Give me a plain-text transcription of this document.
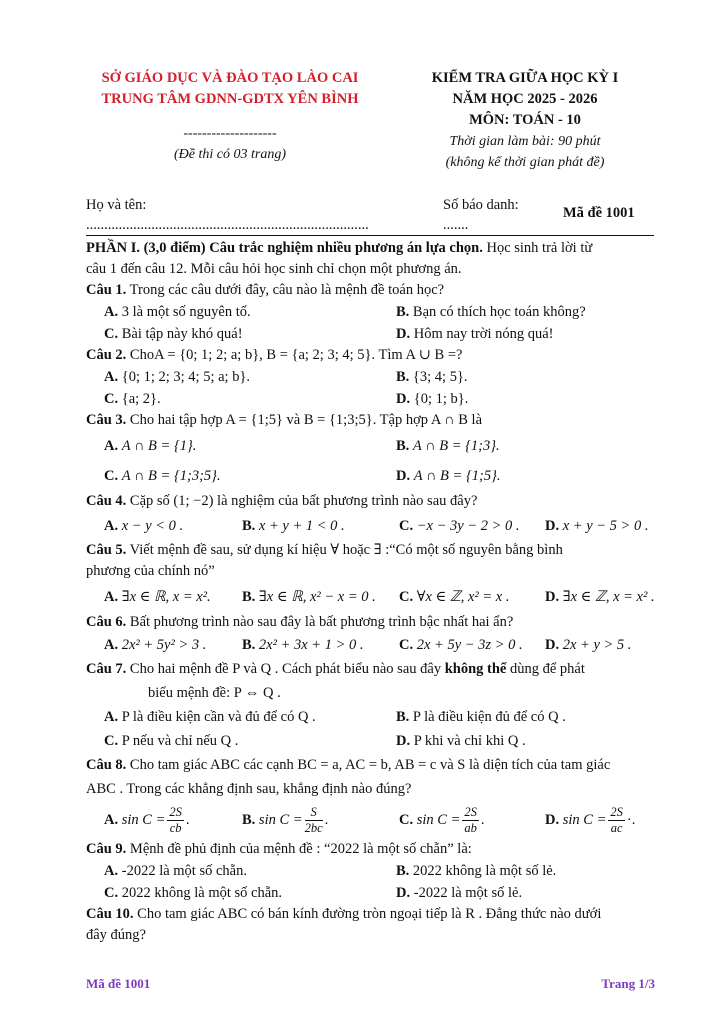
SỞ GIÁO DỤC VÀ ĐÀO TẠO LÀO CAI
TRUNG TÂM GDNN-GDTX YÊN BÌNH
--------------------
(Đề thi có 03 trang)
KIỂM TRA GIỮA HỌC KỲ I
NĂM HỌC 2025 - 2026
MÔN: TOÁN - 10
Thời gian làm bài: 90 phút
(không kể thời gian phát đề)
Họ và tên:
..............................................................................
Số báo danh:
.......
Mã đề 1001
PHẦN I. (3,0 điểm) Câu trắc nghiệm nhiều phương án lựa chọn. Học sinh trả lời từ
câu 1 đến câu 12. Mỗi câu hỏi học sinh chỉ chọn một phương án.
Câu 1. Trong các câu dưới đây, câu nào là mệnh đề toán học?
A. 3 là một số nguyên tố.	B. Bạn có thích học toán không?
C. Bài tập này khó quá!	D. Hôm nay trời nóng quá!
Câu 2. ChoA = {0; 1; 2; a; b}, B = {a; 2; 3; 4; 5}. Tìm A ∪ B =?
A. {0; 1; 2; 3; 4; 5; a; b}.	B. {3; 4; 5}.
C. {a; 2}.	D. {0; 1; b}.
Câu 3. Cho hai tập hợp A = {1;5} và B = {1;3;5}. Tập hợp A ∩ B là
A. A ∩ B = {1}.	B. A ∩ B = {1;3}.
C. A ∩ B = {1;3;5}.	D. A ∩ B = {1;5}.
Câu 4. Cặp số (1; −2) là nghiệm của bất phương trình nào sau đây?
A. x − y < 0 .	B. x + y + 1 < 0 .	C. −x − 3y − 2 > 0 .	D. x + y − 5 > 0 .
Câu 5. Viết mệnh đề sau, sử dụng kí hiệu ∀ hoặc ∃ :“Có một số nguyên bằng bình
phương của chính nó”
A. ∃x ∈ ℝ, x = x².	B. ∃x ∈ ℝ, x² − x = 0 .	C. ∀x ∈ ℤ, x² = x .	D. ∃x ∈ ℤ, x = x² .
Câu 6. Bất phương trình nào sau đây là bất phương trình bậc nhất hai ẩn?
A. 2x² + 5y² > 3 .	B. 2x² + 3x + 1 > 0 .	C. 2x + 5y − 3z > 0 .	D. 2x + y > 5 .
Câu 7. Cho hai mệnh đề P và Q . Cách phát biểu nào sau đây không thể dùng để phát
biểu mệnh đề: P ⇔ Q .
A. P là điều kiện cần và đủ để có Q .	B. P là điều kiện đủ để có Q .
C. P nếu và chỉ nếu Q .	D. P khi và chỉ khi Q .
Câu 8. Cho tam giác ABC các cạnh BC = a, AC = b, AB = c và S là diện tích của tam giác
ABC . Trong các khẳng định sau, khẳng định nào đúng?
A. $\sin C = \frac{2S}{cb}$ .	B. $\sin C = \frac{S}{2bc}$ .	C. $\sin C = \frac{2S}{ab}$ .	D. $\sin C = \frac{2S}{ac}$ ·.
Câu 9. Mệnh đề phủ định của mệnh đề : “2022 là một số chẵn” là:
A. -2022 là một số chẵn.	B. 2022 không là một số lẻ.
C. 2022 không là một số chẵn.	D. -2022 là một số lẻ.
Câu 10. Cho tam giác ABC có bán kính đường tròn ngoại tiếp là R . Đẳng thức nào dưới
đây đúng?
Mã đề 1001	Trang 1/3
